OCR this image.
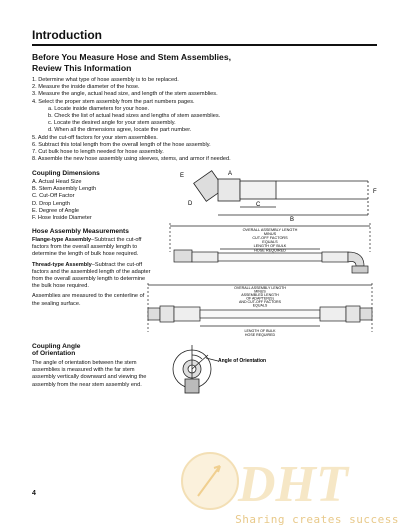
Introduction
Before You Measure Hose and Stem Assemblies,
Review This Information
1. Determine what type of hose assembly is to be replaced.
2. Measure the inside diameter of the hose.
3. Measure the angle, actual head size, and length of the stem assemblies.
4. Select the proper stem assembly from the part numbers pages.
a. Locate inside diameters for your hose.
b. Check the list of actual head sizes and lengths of stem assemblies.
c. Locate the desired angle for your stem assembly.
d. When all the dimensions agree, locate the part number.
5. Add the cut-off factors for your stem assemblies.
6. Subtract this total length from the overall length of the hose assembly.
7. Cut bulk hose to length needed for hose assembly.
8. Assemble the new hose assembly using sleeves, stems, and armor if needed.
Coupling Dimensions
A. Actual Head Size
B. Stem Assembly Length
C. Cut-Off Factor
D. Drop Length
E. Degree of Angle
F. Hose Inside Diameter
E
F
D	C
B
A
Hose Assembly Measurements
Flange-type Assembly–Subtract the cut-off factors from the overall assembly length to determine the length of bulk hose required.
Thread-type Assembly–Subtract the cut-off factors and the assembled length of the adapter from the overall assembly length to determine the bulk hose required.
Assemblies are measured to the centerline of the sealing surface.
OVERALL ASSEMBLY LENGTH
MINUS
CUT-OFF FACTORS
EQUALS
LENGTH OF BULK
HOSE REQUIRED
OVERALL ASSEMBLY LENGTH
MINUS
ASSEMBLED LENGTH
OF ADAPTER(S)
AND CUT-OFF FACTORS
EQUALS
LENGTH OF BULK
HOSE REQUIRED
Coupling Angle
of Orientation
The angle of orientation between the stem assemblies is measured with the far stem assembly vertically downward and viewing the assembly from the near stem assembly end.
Angle of Orientation
4	DHT
Sharing creates success
